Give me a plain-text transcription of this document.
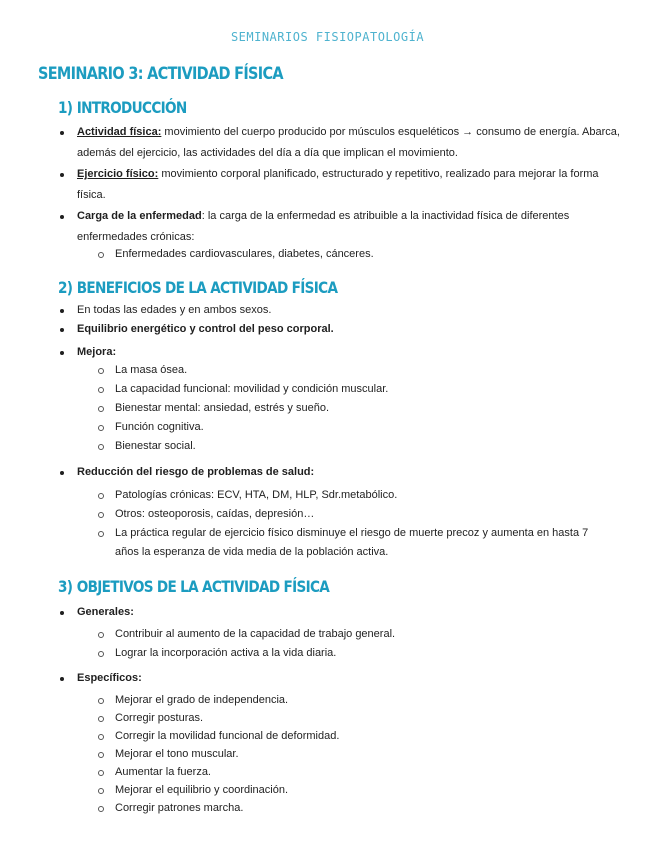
SEMINARIOS FISIOPATOLOGÍA
SEMINARIO 3: ACTIVIDAD FÍSICA
1) INTRODUCCIÓN
Actividad física: movimiento del cuerpo producido por músculos esqueléticos → consumo de energía. Abarca, además del ejercicio, las actividades del día a día que implican el movimiento.
Ejercicio físico: movimiento corporal planificado, estructurado y repetitivo, realizado para mejorar la forma física.
Carga de la enfermedad: la carga de la enfermedad es atribuible a la inactividad física de diferentes enfermedades crónicas:
Enfermedades cardiovasculares, diabetes, cánceres.
2) BENEFICIOS DE LA ACTIVIDAD FÍSICA
En todas las edades y en ambos sexos.
Equilibrio energético y control del peso corporal.
Mejora:
La masa ósea.
La capacidad funcional: movilidad y condición muscular.
Bienestar mental: ansiedad, estrés y sueño.
Función cognitiva.
Bienestar social.
Reducción del riesgo de problemas de salud:
Patologías crónicas: ECV, HTA, DM, HLP, Sdr.metabólico.
Otros: osteoporosis, caídas, depresión…
La práctica regular de ejercicio físico disminuye el riesgo de muerte precoz y aumenta en hasta 7 años la esperanza de vida media de la población activa.
3) OBJETIVOS DE LA ACTIVIDAD FÍSICA
Generales:
Contribuir al aumento de la capacidad de trabajo general.
Lograr la incorporación activa a la vida diaria.
Específicos:
Mejorar el grado de independencia.
Corregir posturas.
Corregir la movilidad funcional de deformidad.
Mejorar el tono muscular.
Aumentar la fuerza.
Mejorar el equilibrio y coordinación.
Corregir patrones marcha.
